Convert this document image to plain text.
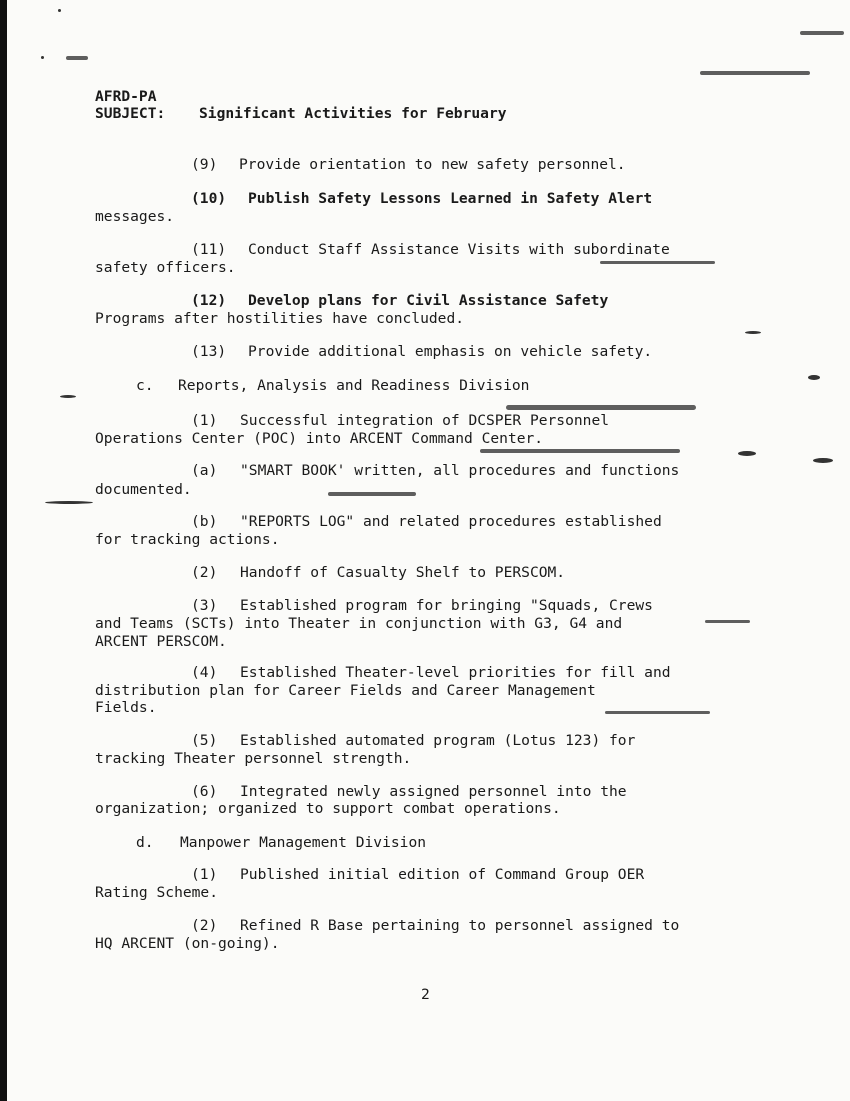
AFRD-PA
SUBJECT: Significant Activities for February
(9) Provide orientation to new safety personnel.
(10) Publish Safety Lessons Learned in Safety Alert
messages.
(11) Conduct Staff Assistance Visits with subordinate
safety officers.
(12) Develop plans for Civil Assistance Safety
Programs after hostilities have concluded.
(13) Provide additional emphasis on vehicle safety.
c. Reports, Analysis and Readiness Division
(1) Successful integration of DCSPER Personnel
Operations Center (POC) into ARCENT Command Center.
(a) "SMART BOOK' written, all procedures and functions
documented.
(b) "REPORTS LOG" and related procedures established
for tracking actions.
(2) Handoff of Casualty Shelf to PERSCOM.
(3) Established program for bringing "Squads, Crews
and Teams (SCTs) into Theater in conjunction with G3, G4 and
ARCENT PERSCOM.
(4) Established Theater-level priorities for fill and
distribution plan for Career Fields and Career Management
Fields.
(5) Established automated program (Lotus 123) for
tracking Theater personnel strength.
(6) Integrated newly assigned personnel into the
organization; organized to support combat operations.
d. Manpower Management Division
(1) Published initial edition of Command Group OER
Rating Scheme.
(2) Refined R Base pertaining to personnel assigned to
HQ ARCENT (on-going).
2
